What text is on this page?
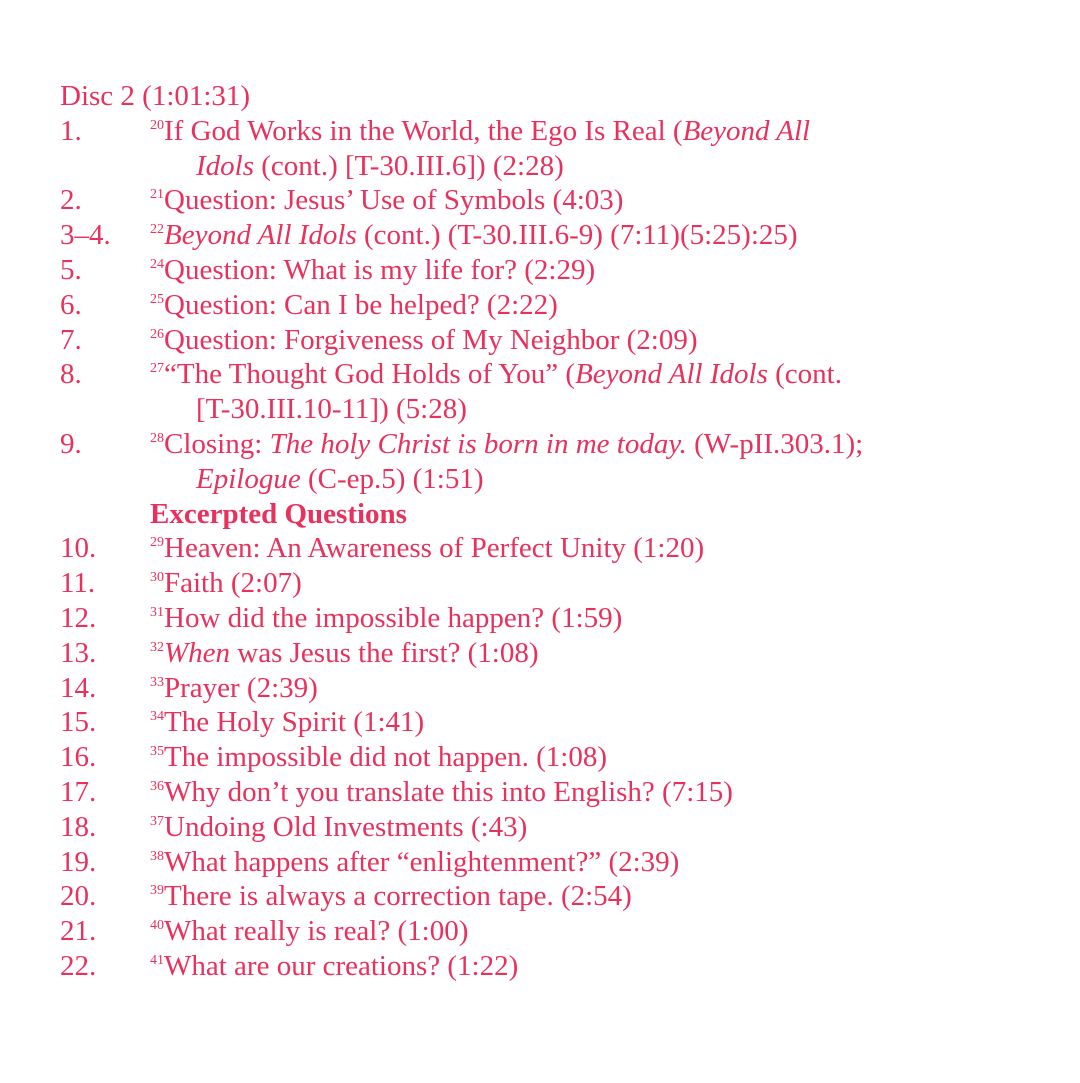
Disc 2 (1:01:31)
1.	$^{20}$If God Works in the World, the Ego Is Real (Beyond All
Idols (cont.) [T-30.III.6]) (2:28)
2.	$^{21}$Question: Jesus’ Use of Symbols (4:03)
3–4.	$^{22}$Beyond All Idols (cont.) (T-30.III.6-9) (7:11)(5:25):25)
5.	$^{24}$Question: What is my life for? (2:29)
6.	$^{25}$Question: Can I be helped? (2:22)
7.	$^{26}$Question: Forgiveness of My Neighbor (2:09)
8.	$^{27}$“The Thought God Holds of You” (Beyond All Idols (cont.
[T-30.III.10-11]) (5:28)
9.	$^{28}$Closing: The holy Christ is born in me today. (W-pII.303.1);
Epilogue (C-ep.5) (1:51)
Excerpted Questions
10.	$^{29}$Heaven: An Awareness of Perfect Unity (1:20)
11.	$^{30}$Faith (2:07)
12.	$^{31}$How did the impossible happen? (1:59)
13.	$^{32}$When was Jesus the first? (1:08)
14.	$^{33}$Prayer (2:39)
15.	$^{34}$The Holy Spirit (1:41)
16.	$^{35}$The impossible did not happen. (1:08)
17.	$^{36}$Why don’t you translate this into English? (7:15)
18.	$^{37}$Undoing Old Investments (:43)
19.	$^{38}$What happens after “enlightenment?” (2:39)
20.	$^{39}$There is always a correction tape. (2:54)
21.	$^{40}$What really is real? (1:00)
22.	$^{41}$What are our creations? (1:22)
